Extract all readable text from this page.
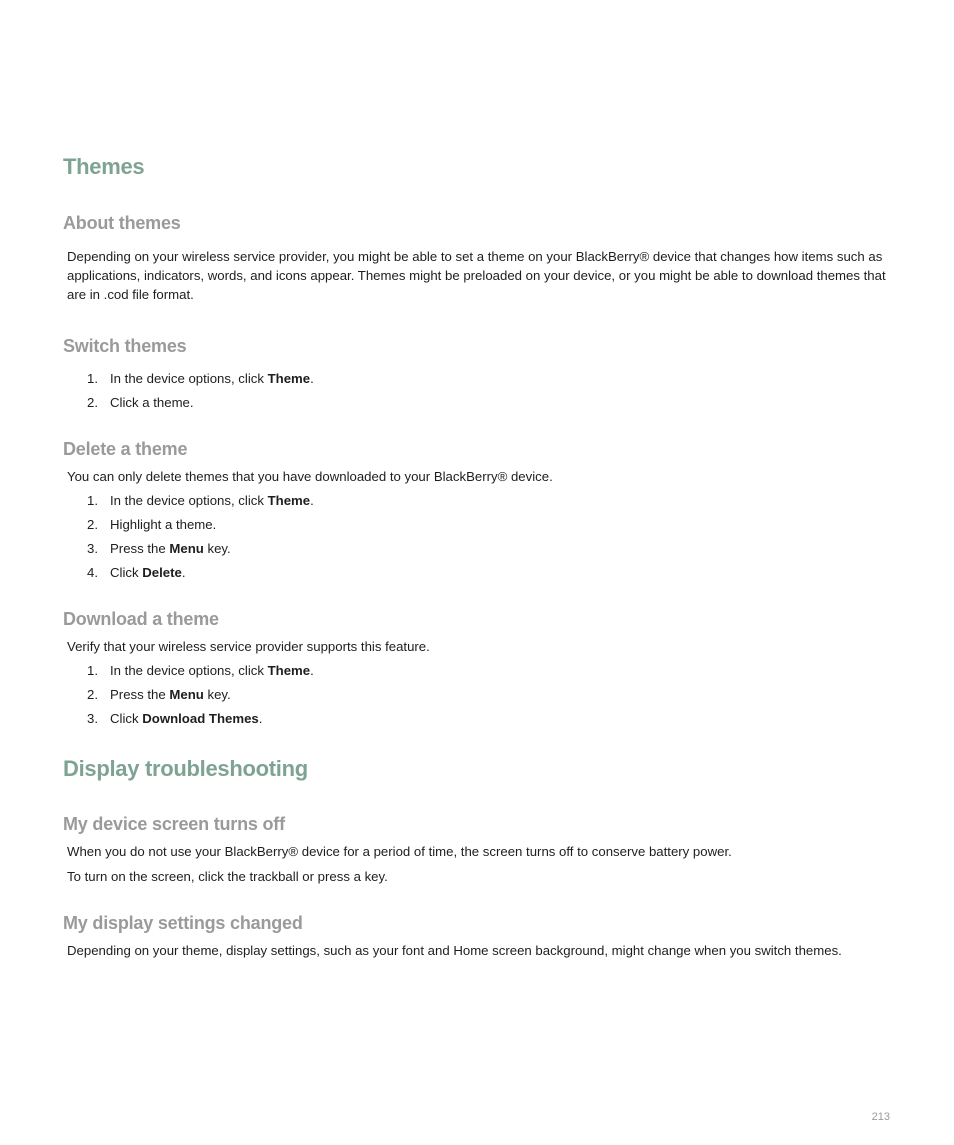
Themes
About themes

Depending on your wireless service provider, you might be able to set a theme on your BlackBerry® device that changes how items such as applications, indicators, words, and icons appear. Themes might be preloaded on your device, or you might be able to download themes that are in .cod file format.

Switch themes

1. In the device options, click Theme.

2. Click a theme.

Delete a theme

You can only delete themes that you have downloaded to your BlackBerry® device.

1. In the device options, click Theme.

2. Highlight a theme.

3. Press the Menu key.

4. Click Delete.

Download a theme

Verify that your wireless service provider supports this feature.

1. In the device options, click Theme.

2. Press the Menu key.

3. Click Download Themes.

Display troubleshooting
My device screen turns off

When you do not use your BlackBerry® device for a period of time, the screen turns off to conserve battery power.

To turn on the screen, click the trackball or press a key.

My display settings changed

Depending on your theme, display settings, such as your font and Home screen background, might change when you switch themes.

213
